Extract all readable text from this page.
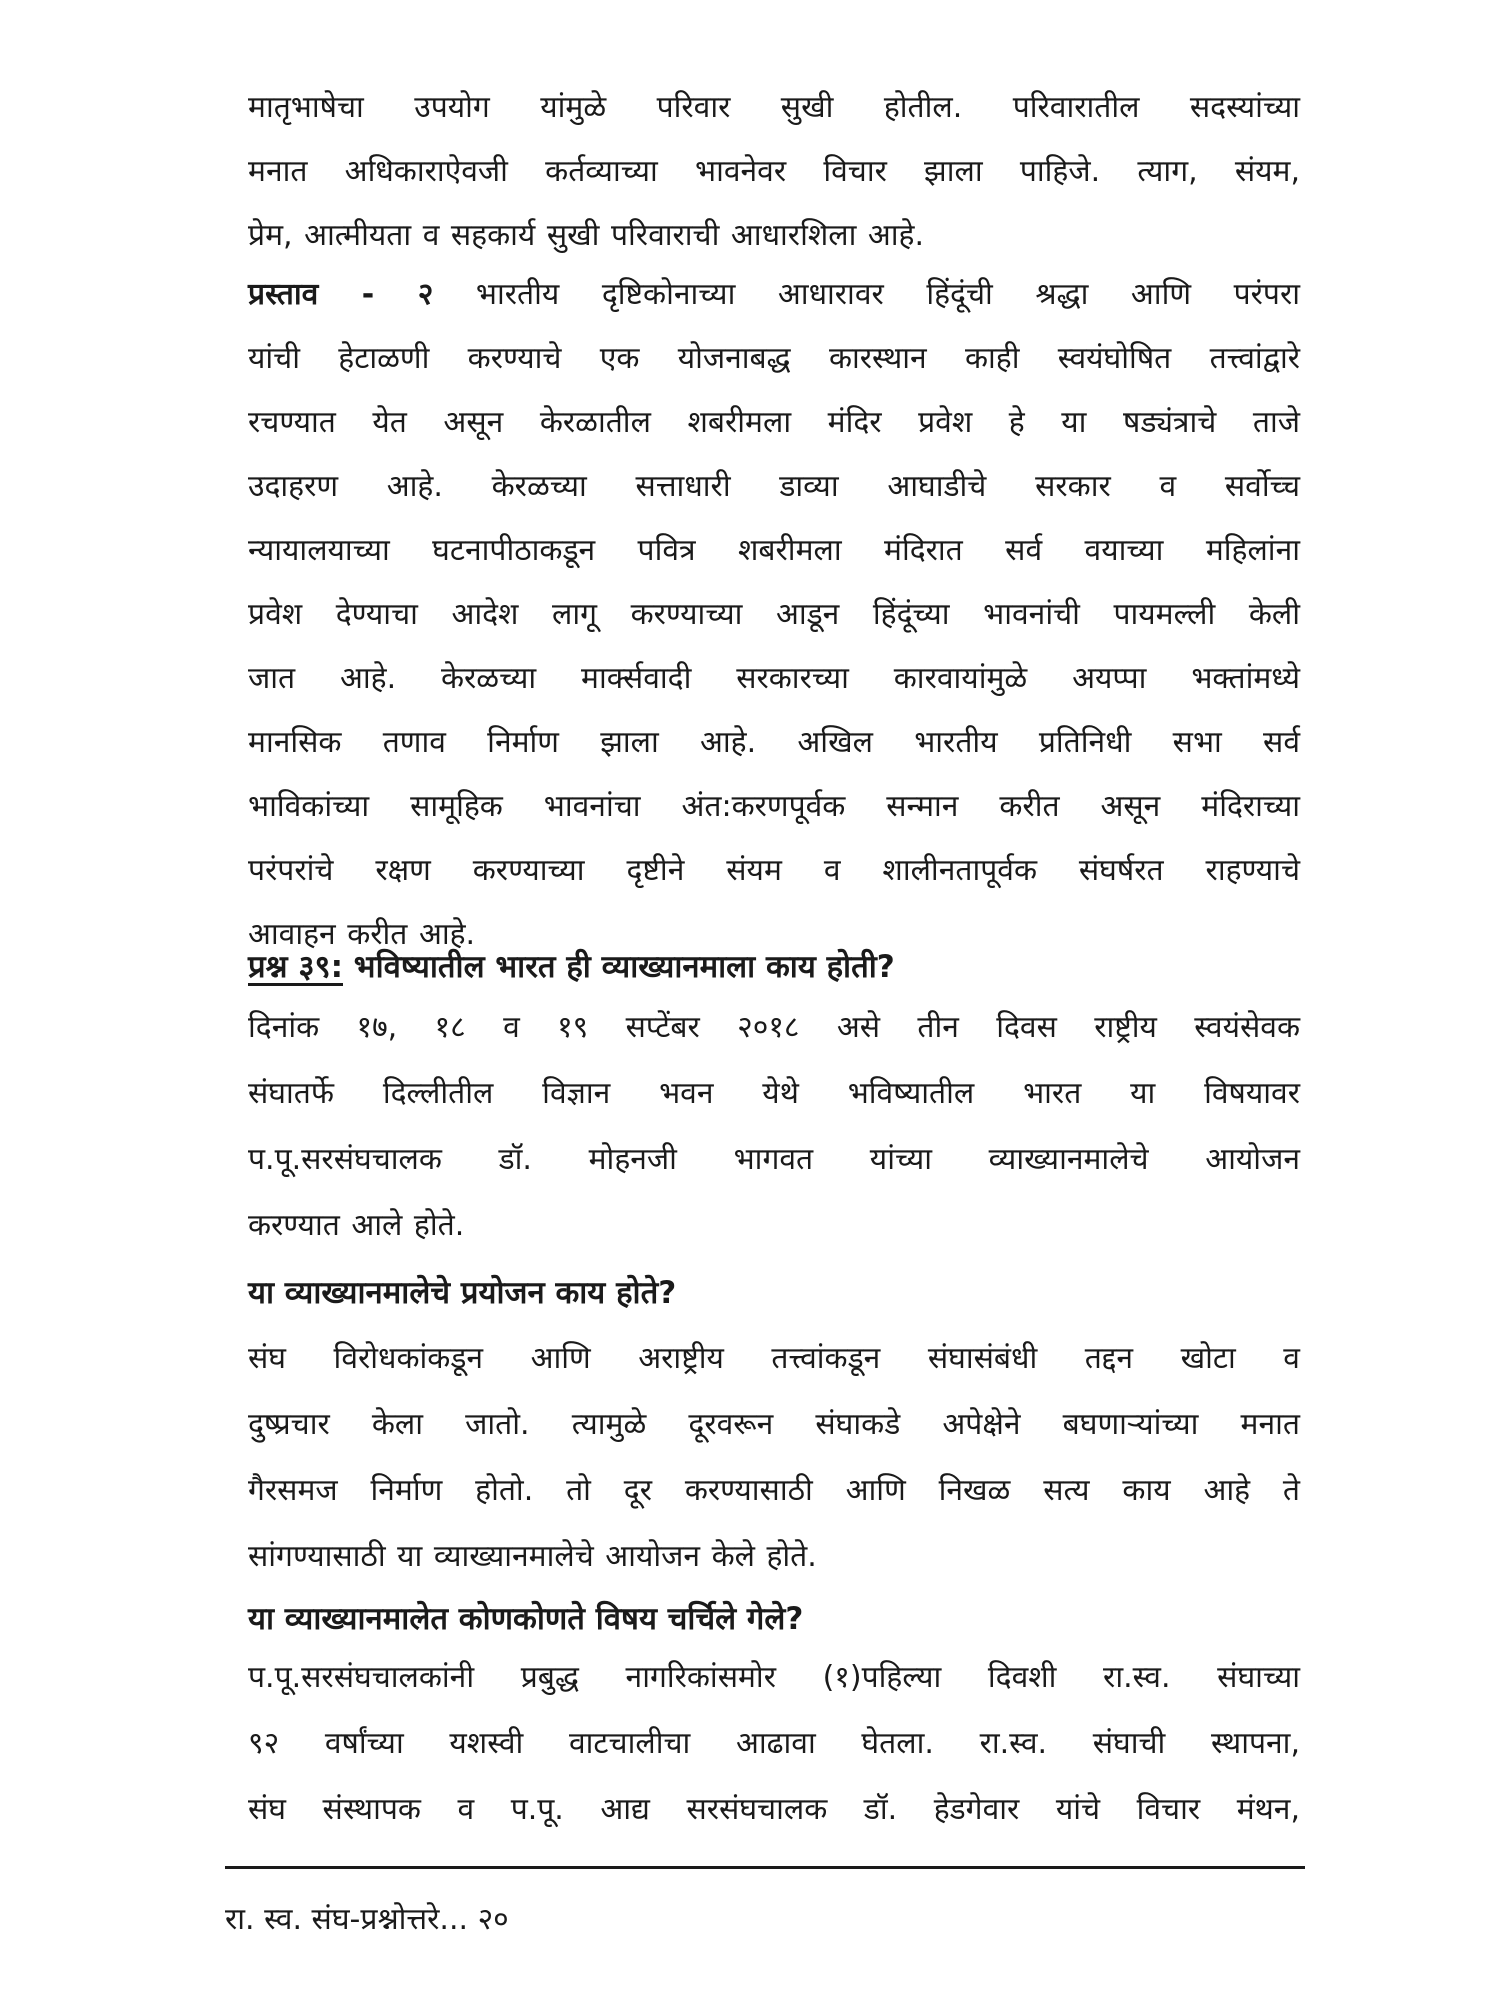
मातृभाषेचा उपयोग यांमुळे परिवार सुखी होतील. परिवारातील सदस्यांच्या
मनात अधिकाराऐवजी कर्तव्याच्या भावनेवर विचार झाला पाहिजे. त्याग, संयम,
प्रेम, आत्मीयता व सहकार्य सुखी परिवाराची आधारशिला आहे.
प्रस्ताव - २ भारतीय दृष्टिकोनाच्या आधारावर हिंदूंची श्रद्धा आणि परंपरा
यांची हेटाळणी करण्याचे एक योजनाबद्ध कारस्थान काही स्वयंघोषित तत्त्वांद्वारे
रचण्यात येत असून केरळातील शबरीमला मंदिर प्रवेश हे या षड्यंत्राचे ताजे
उदाहरण आहे. केरळच्या सत्ताधारी डाव्या आघाडीचे सरकार व सर्वोच्च
न्यायालयाच्या घटनापीठाकडून पवित्र शबरीमला मंदिरात सर्व वयाच्या महिलांना
प्रवेश देण्याचा आदेश लागू करण्याच्या आडून हिंदूंच्या भावनांची पायमल्ली केली
जात आहे. केरळच्या मार्क्सवादी सरकारच्या कारवायांमुळे अयप्पा भक्तांमध्ये
मानसिक तणाव निर्माण झाला आहे. अखिल भारतीय प्रतिनिधी सभा सर्व
भाविकांच्या सामूहिक भावनांचा अंत:करणपूर्वक सन्मान करीत असून मंदिराच्या
परंपरांचे रक्षण करण्याच्या दृष्टीने संयम व शालीनतापूर्वक संघर्षरत राहण्याचे
आवाहन करीत आहे.
प्रश्न ३९: भविष्यातील भारत ही व्याख्यानमाला काय होती?
दिनांक १७, १८ व १९ सप्टेंबर २०१८ असे तीन दिवस राष्ट्रीय स्वयंसेवक
संघातर्फे दिल्लीतील विज्ञान भवन येथे भविष्यातील भारत या विषयावर
प.पू.सरसंघचालक डॉ. मोहनजी भागवत यांच्या व्याख्यानमालेचे आयोजन
करण्यात आले होते.
या व्याख्यानमालेचे प्रयोजन काय होते?
संघ विरोधकांकडून आणि अराष्ट्रीय तत्त्वांकडून संघासंबंधी तद्दन खोटा व
दुष्प्रचार केला जातो. त्यामुळे दूरवरून संघाकडे अपेक्षेने बघणाऱ्यांच्या मनात
गैरसमज निर्माण होतो. तो दूर करण्यासाठी आणि निखळ सत्य काय आहे ते
सांगण्यासाठी या व्याख्यानमालेचे आयोजन केले होते.
या व्याख्यानमालेत कोणकोणते विषय चर्चिले गेले?
प.पू.सरसंघचालकांनी प्रबुद्ध नागरिकांसमोर (१)पहिल्या दिवशी रा.स्व. संघाच्या
९२ वर्षांच्या यशस्वी वाटचालीचा आढावा घेतला. रा.स्व. संघाची स्थापना,
संघ संस्थापक व प.पू. आद्य सरसंघचालक डॉ. हेडगेवार यांचे विचार मंथन,
रा. स्व. संघ-प्रश्नोत्तरे... २०
